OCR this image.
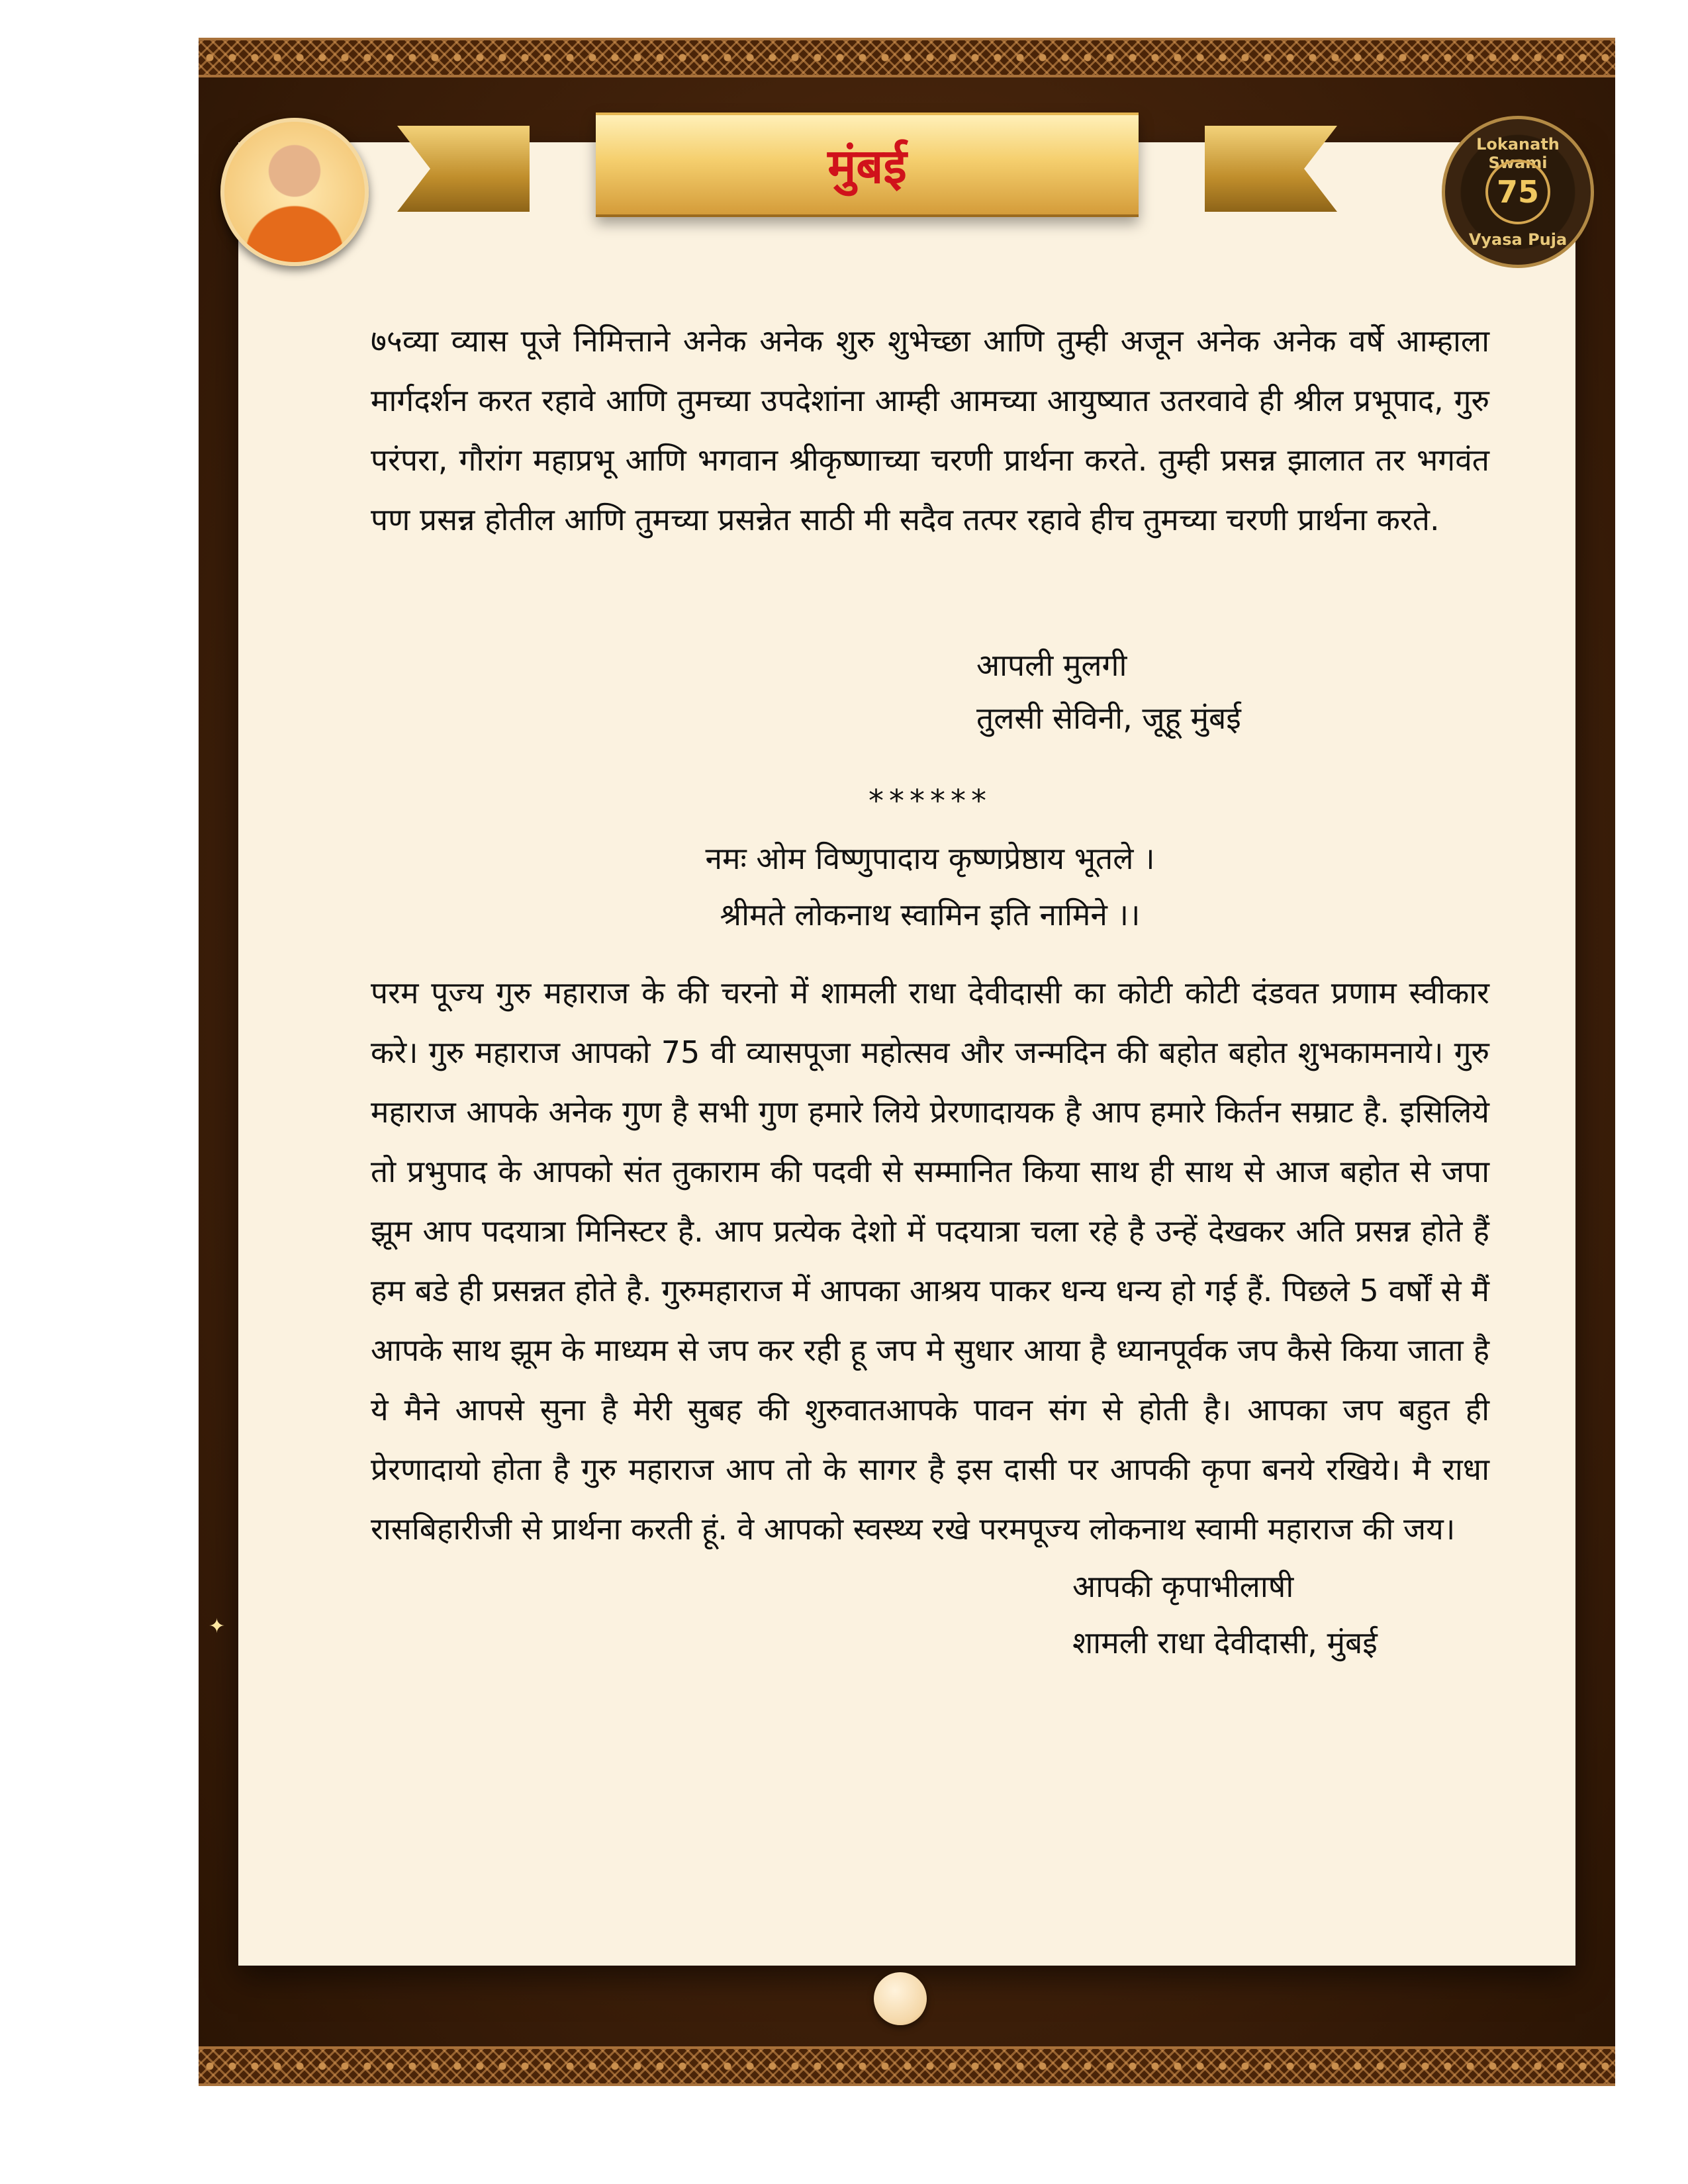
मुंबई	Lokanath Swami
75
Vyasa Puja

७५व्या व्यास पूजे निमित्ताने अनेक अनेक शुरु शुभेच्छा आणि तुम्ही अजून अनेक अनेक वर्षे आम्हाला मार्गदर्शन करत रहावे आणि तुमच्या उपदेशांना आम्ही आमच्या आयुष्यात उतरवावे ही श्रील प्रभूपाद, गुरु परंपरा, गौरांग महाप्रभू आणि भगवान श्रीकृष्णाच्या चरणी प्रार्थना करते. तुम्ही प्रसन्न झालात तर भगवंत पण प्रसन्न होतील आणि तुमच्या प्रसन्नेत साठी मी सदैव तत्पर रहावे हीच तुमच्या चरणी प्रार्थना करते.

आपली मुलगी
तुलसी सेविनी, जूहू मुंबई
******
नमः ओम विष्णुपादाय कृष्णप्रेष्ठाय भूतले ।
श्रीमते लोकनाथ स्वामिन इति नामिने ।।

परम पूज्य गुरु महाराज के की चरनो में शामली राधा देवीदासी का कोटी कोटी दंडवत प्रणाम स्वीकार करे। गुरु महाराज आपको 75 वी व्यासपूजा महोत्सव और जन्मदिन की बहोत बहोत शुभकामनाये। गुरु महाराज आपके अनेक गुण है सभी गुण हमारे लिये प्रेरणादायक है आप हमारे किर्तन सम्राट है. इसिलिये तो प्रभुपाद के आपको संत तुकाराम की पदवी से सम्मानित किया साथ ही साथ से आज बहोत से जपा झूम आप पदयात्रा मिनिस्टर है. आप प्रत्येक देशो में पदयात्रा चला रहे है उन्हें देखकर अति प्रसन्न होते हैं हम बडे ही प्रसन्नत होते है. गुरुमहाराज में आपका आश्रय पाकर धन्य धन्य हो गई हैं. पिछले 5 वर्षों से मैं आपके साथ झूम के माध्यम से जप कर रही हू जप मे सुधार आया है ध्यानपूर्वक जप कैसे किया जाता है ये मैने आपसे सुना है मेरी सुबह की शुरुवातआपके पावन संग से होती है। आपका जप बहुत ही प्रेरणादायो होता है गुरु महाराज आप तो के सागर है इस दासी पर आपकी कृपा बनये रखिये। मै राधा रासबिहारीजी से प्रार्थना करती हूं. वे आपको स्वस्थ्य रखे परमपूज्य लोकनाथ स्वामी महाराज की जय।

आपकी कृपाभीलाषी
शामली राधा देवीदासी, मुंबई
✦
